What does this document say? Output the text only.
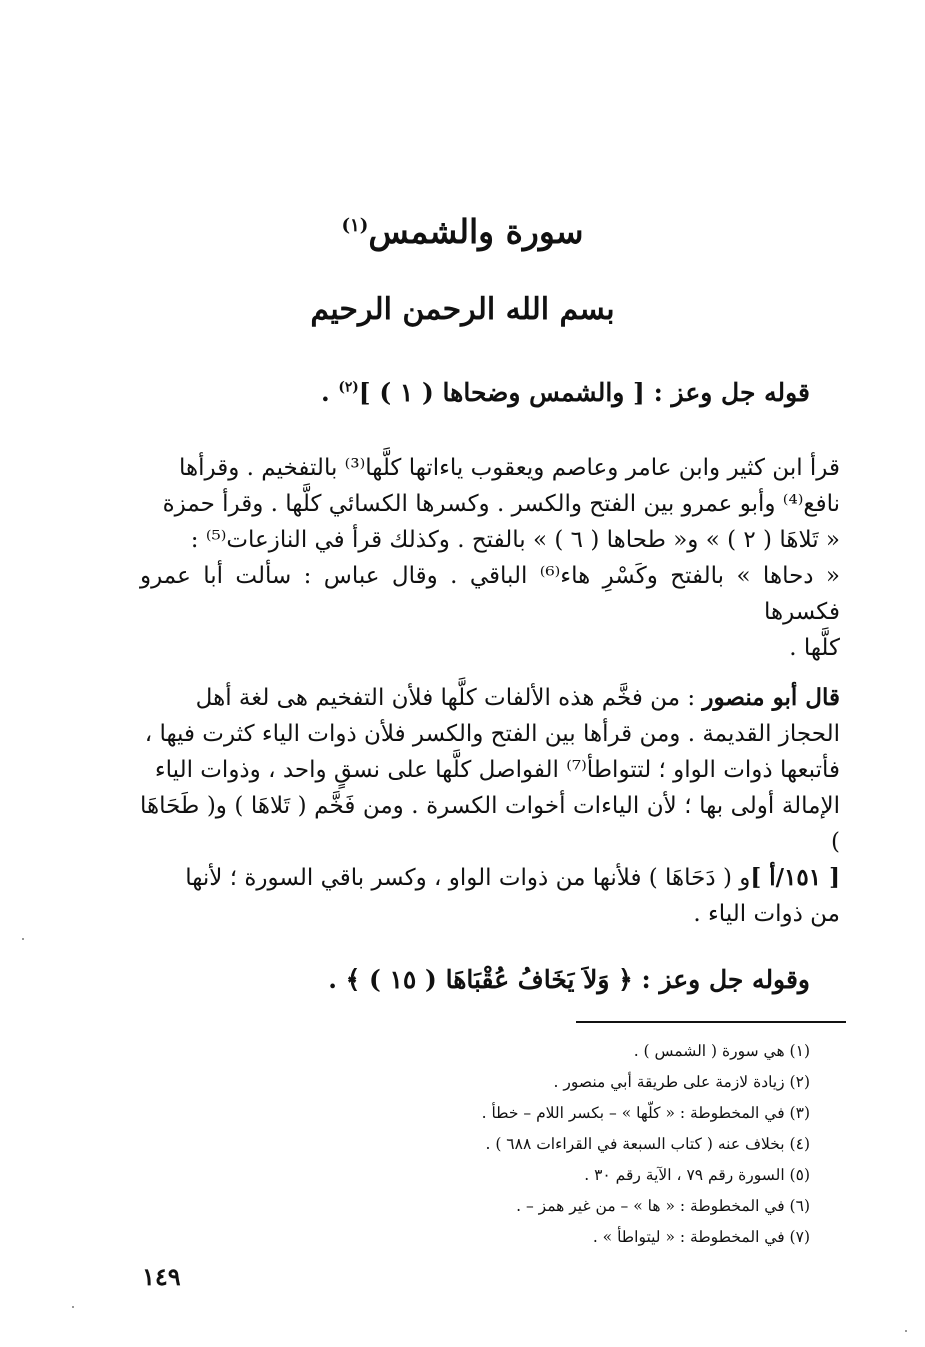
سورة والشمس$^{(١)}$
بسم الله الرحمن الرحيم
قوله جل وعز : [ والشمس وضحاها ( ١ ) ]$^{(٢)}$ .
قرأ ابن كثير وابن عامر وعاصم ويعقوب ياءاتها كلَّها⁽³⁾ بالتفخيم . وقرأها
نافع⁽⁴⁾ وأبو عمرو بين الفتح والكسر . وكسرها الكسائي كلَّها . وقرأ حمزة
« تَلاهَا ( ٢ ) » و« طحاها ( ٦ ) » بالفتح . وكذلك قرأ في النازعات⁽⁵⁾ :
« دحاها » بالفتح وكَسْرِ هاء⁽⁶⁾ الباقي . وقال عباس : سألت أبا عمرو فكسرها
كلَّها .
قال أبو منصور : من فخَّم هذه الألفات كلَّها فلأن التفخيم هى لغة أهل
الحجاز القديمة . ومن قرأها بين الفتح والكسر فلأن ذوات الياء كثرت فيها ،
فأتبعها ذوات الواو ؛ لتتواطأ⁽⁷⁾ الفواصل كلَّها على نسقٍ واحد ، وذوات الياء
الإمالة أولى بها ؛ لأن الياءات أخوات الكسرة . ومن فَخَّم ( تَلاهَا ) و( طَحَاهَا )
[ ١٥١/أ ]و ( دَحَاهَا ) فلأنها من ذوات الواو ، وكسر باقي السورة ؛ لأنها
من ذوات الياء .
وقوله جل وعز : ﴿ وَلاَ يَخَافُ عُقْبَاهَا ( ١٥ ) ﴾ .
(١) هي سورة ( الشمس ) .
(٢) زيادة لازمة على طريقة أبي منصور .
(٣) في المخطوطة : « كلّها » – بكسر اللام – خطأ .
(٤) بخلاف عنه ( كتاب السبعة في القراءات ٦٨٨ ) .
(٥) السورة رقم ٧٩ ، الآية رقم ٣٠ .
(٦) في المخطوطة : « ها » – من غير همز – .
(٧) في المخطوطة : « ليتواطأ » .
١٤٩
